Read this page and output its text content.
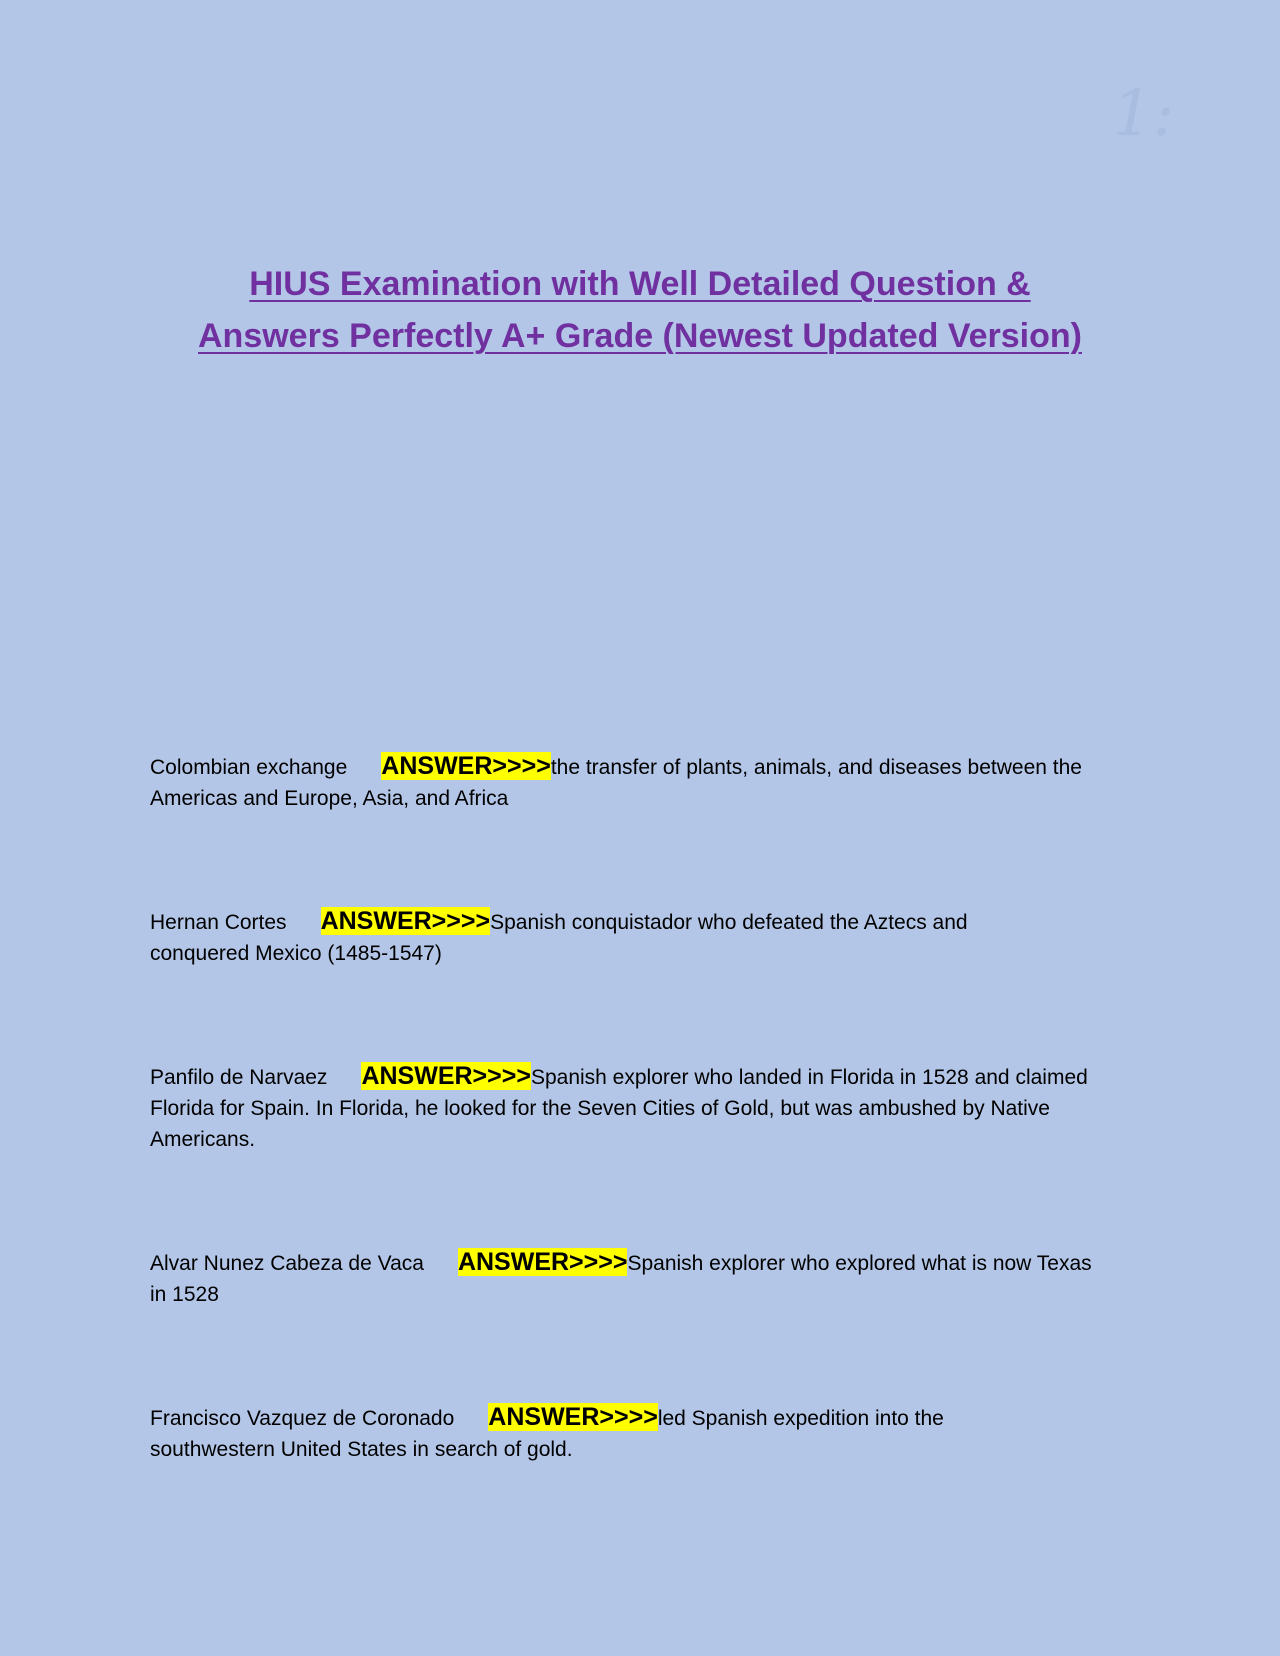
1:
HIUS Examination with Well Detailed Question &
Answers Perfectly A+ Grade (Newest Updated Version)

Colombian exchange ANSWER>>>>the transfer of plants, animals, and diseases between the Americas and Europe, Asia, and Africa

Hernan Cortes ANSWER>>>>Spanish conquistador who defeated the Aztecs and conquered Mexico (1485-1547)

Panfilo de Narvaez ANSWER>>>>Spanish explorer who landed in Florida in 1528 and claimed Florida for Spain. In Florida, he looked for the Seven Cities of Gold, but was ambushed by Native Americans.

Alvar Nunez Cabeza de Vaca ANSWER>>>>Spanish explorer who explored what is now Texas in 1528

Francisco Vazquez de Coronado ANSWER>>>>led Spanish expedition into the southwestern United States in search of gold.
